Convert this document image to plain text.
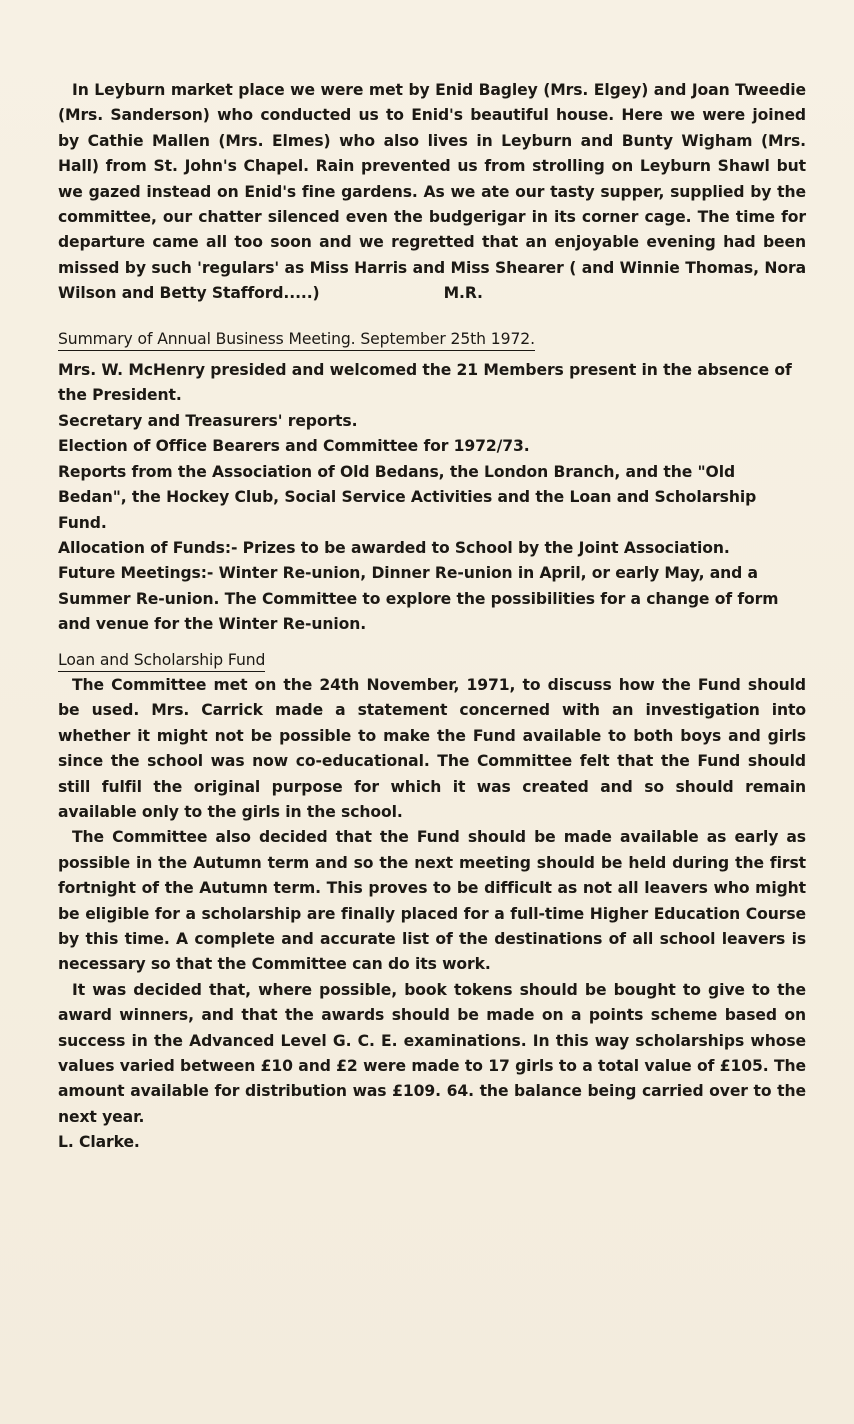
In Leyburn market place we were met by Enid Bagley (Mrs. Elgey) and Joan Tweedie (Mrs. Sanderson) who conducted us to Enid's beautiful house. Here we were joined by Cathie Mallen (Mrs. Elmes) who also lives in Leyburn and Bunty Wigham (Mrs. Hall) from St. John's Chapel. Rain prevented us from strolling on Leyburn Shawl but we gazed instead on Enid's fine gardens. As we ate our tasty supper, supplied by the committee, our chatter silenced even the budgerigar in its corner cage. The time for departure came all too soon and we regretted that an enjoyable evening had been missed by such 'regulars' as Miss Harris and Miss Shearer ( and Winnie Thomas, Nora Wilson and Betty Stafford.....)	M.R.

Summary of Annual Business Meeting. September 25th 1972.

Mrs. W. McHenry presided and welcomed the 21 Members present in the absence of the President.

Secretary and Treasurers' reports.

Election of Office Bearers and Committee for 1972/73.

Reports from the Association of Old Bedans, the London Branch, and the "Old Bedan", the Hockey Club, Social Service Activities and the Loan and Scholarship Fund.

Allocation of Funds:- Prizes to be awarded to School by the Joint Association.

Future Meetings:- Winter Re-union, Dinner Re-union in April, or early May, and a Summer Re-union. The Committee to explore the possibilities for a change of form and venue for the Winter Re-union.

Loan and Scholarship Fund

The Committee met on the 24th November, 1971, to discuss how the Fund should be used. Mrs. Carrick made a statement concerned with an investigation into whether it might not be possible to make the Fund available to both boys and girls since the school was now co-educational. The Committee felt that the Fund should still fulfil the original purpose for which it was created and so should remain available only to the girls in the school.

The Committee also decided that the Fund should be made available as early as possible in the Autumn term and so the next meeting should be held during the first fortnight of the Autumn term. This proves to be difficult as not all leavers who might be eligible for a scholarship are finally placed for a full-time Higher Education Course by this time. A complete and accurate list of the destinations of all school leavers is necessary so that the Committee can do its work.

It was decided that, where possible, book tokens should be bought to give to the award winners, and that the awards should be made on a points scheme based on success in the Advanced Level G. C. E. examinations. In this way scholarships whose values varied between £10 and £2 were made to 17 girls to a total value of £105. The amount available for distribution was £109. 64. the balance being carried over to the next year.

L. Clarke.
